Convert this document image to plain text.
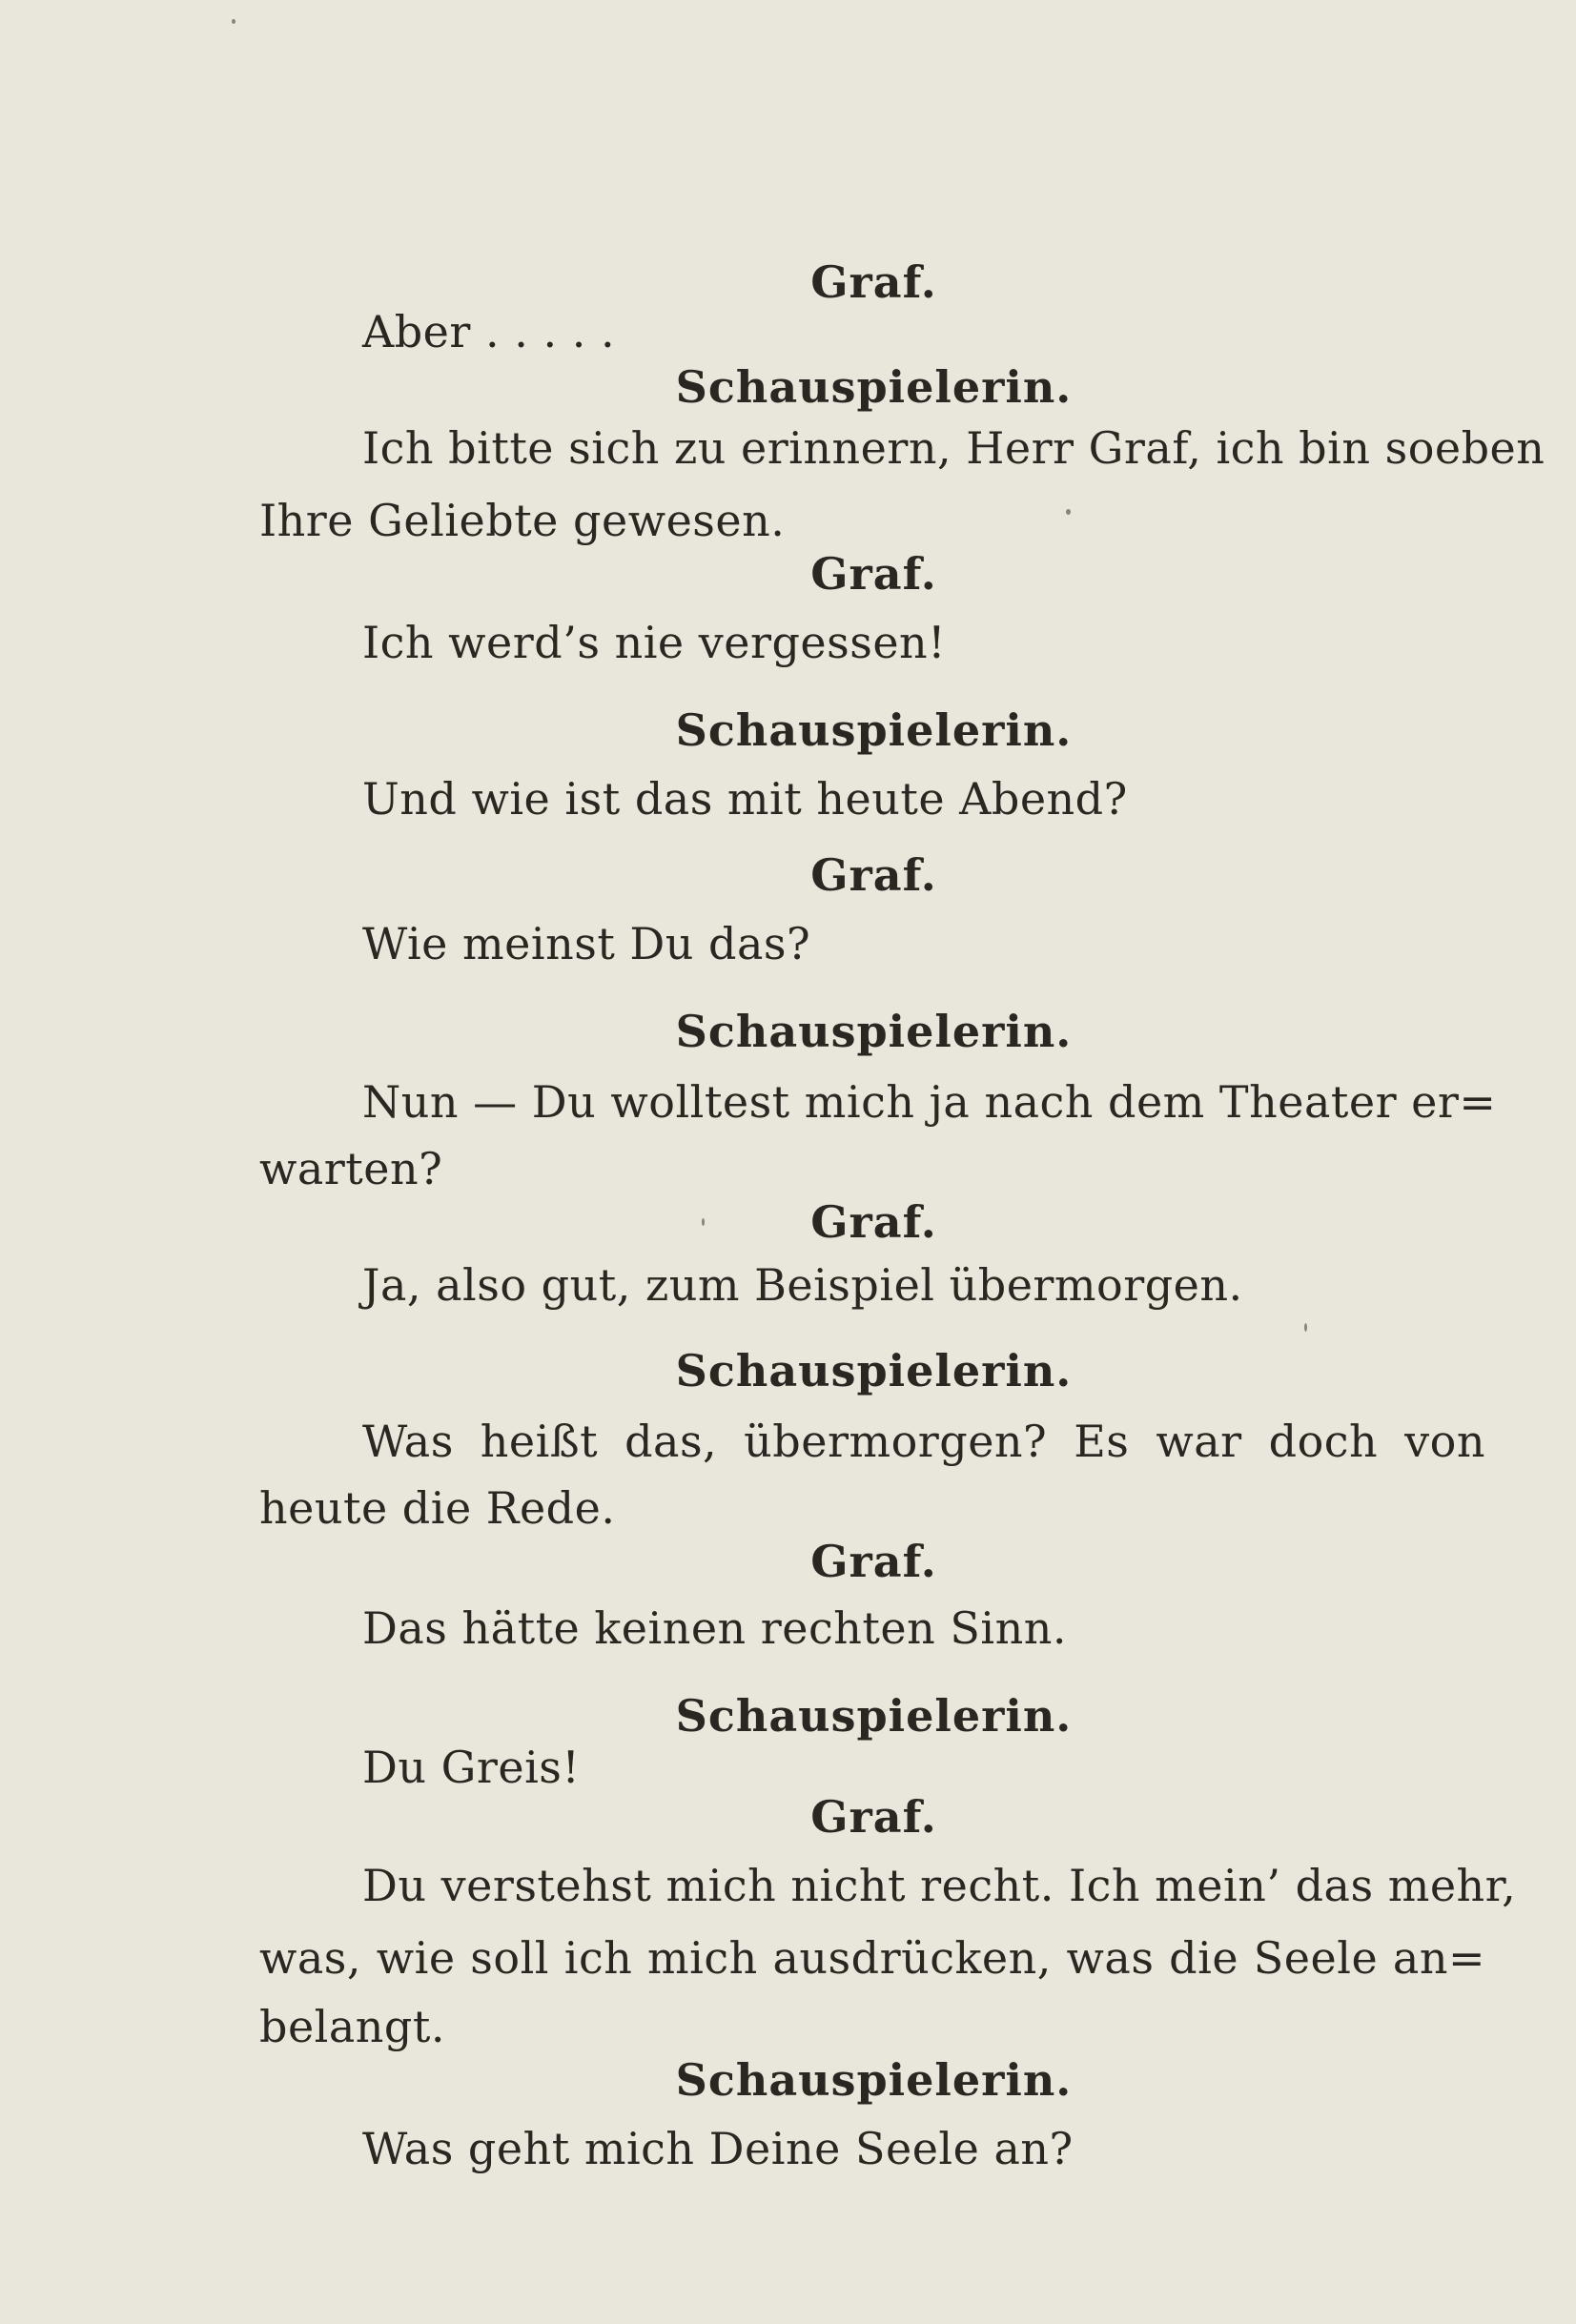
Graf.
Aber . . . . .
Schauspielerin.
Ich bitte sich zu erinnern, Herr Graf, ich bin soeben
Ihre Geliebte gewesen.
Graf.
Ich werd’s nie vergessen!
Schauspielerin.
Und wie ist das mit heute Abend?
Graf.
Wie meinst Du das?
Schauspielerin.
Nun — Du wolltest mich ja nach dem Theater er=
warten?
Graf.
Ja, also gut, zum Beispiel übermorgen.
Schauspielerin.
Was heißt das, übermorgen? Es war doch von
heute die Rede.
Graf.
Das hätte keinen rechten Sinn.
Schauspielerin.
Du Greis!
Graf.
Du verstehst mich nicht recht. Ich mein’ das mehr,
was, wie soll ich mich ausdrücken, was die Seele an=
belangt.
Schauspielerin.
Was geht mich Deine Seele an?
